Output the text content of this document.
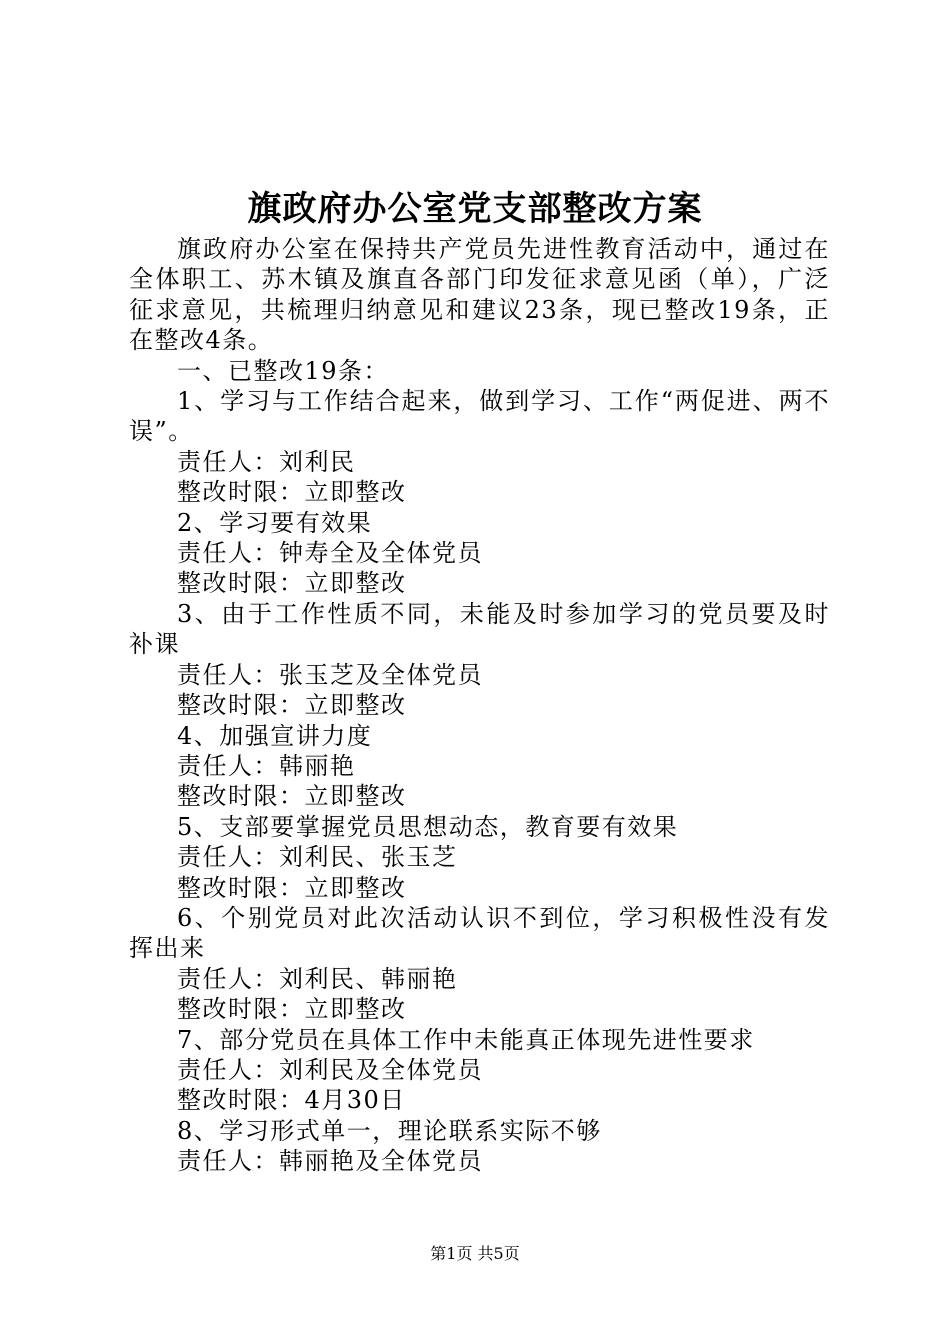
旗政府办公室党支部整改方案

旗政府办公室在保持共产党员先进性教育活动中，通过在全体职工、苏木镇及旗直各部门印发征求意见函（单），广泛征求意见，共梳理归纳意见和建议23条，现已整改19条，正在整改4条。

一、已整改19条：

1、学习与工作结合起来，做到学习、工作“两促进、两不误”。

责任人：刘利民

整改时限：立即整改

2、学习要有效果

责任人：钟寿全及全体党员

整改时限：立即整改

3、由于工作性质不同，未能及时参加学习的党员要及时补课

责任人：张玉芝及全体党员

整改时限：立即整改

4、加强宣讲力度

责任人：韩丽艳

整改时限：立即整改

5、支部要掌握党员思想动态，教育要有效果

责任人：刘利民、张玉芝

整改时限：立即整改

6、个别党员对此次活动认识不到位，学习积极性没有发挥出来

责任人：刘利民、韩丽艳

整改时限：立即整改

7、部分党员在具体工作中未能真正体现先进性要求

责任人：刘利民及全体党员

整改时限：4月30日

8、学习形式单一，理论联系实际不够

责任人：韩丽艳及全体党员

第1页 共5页
